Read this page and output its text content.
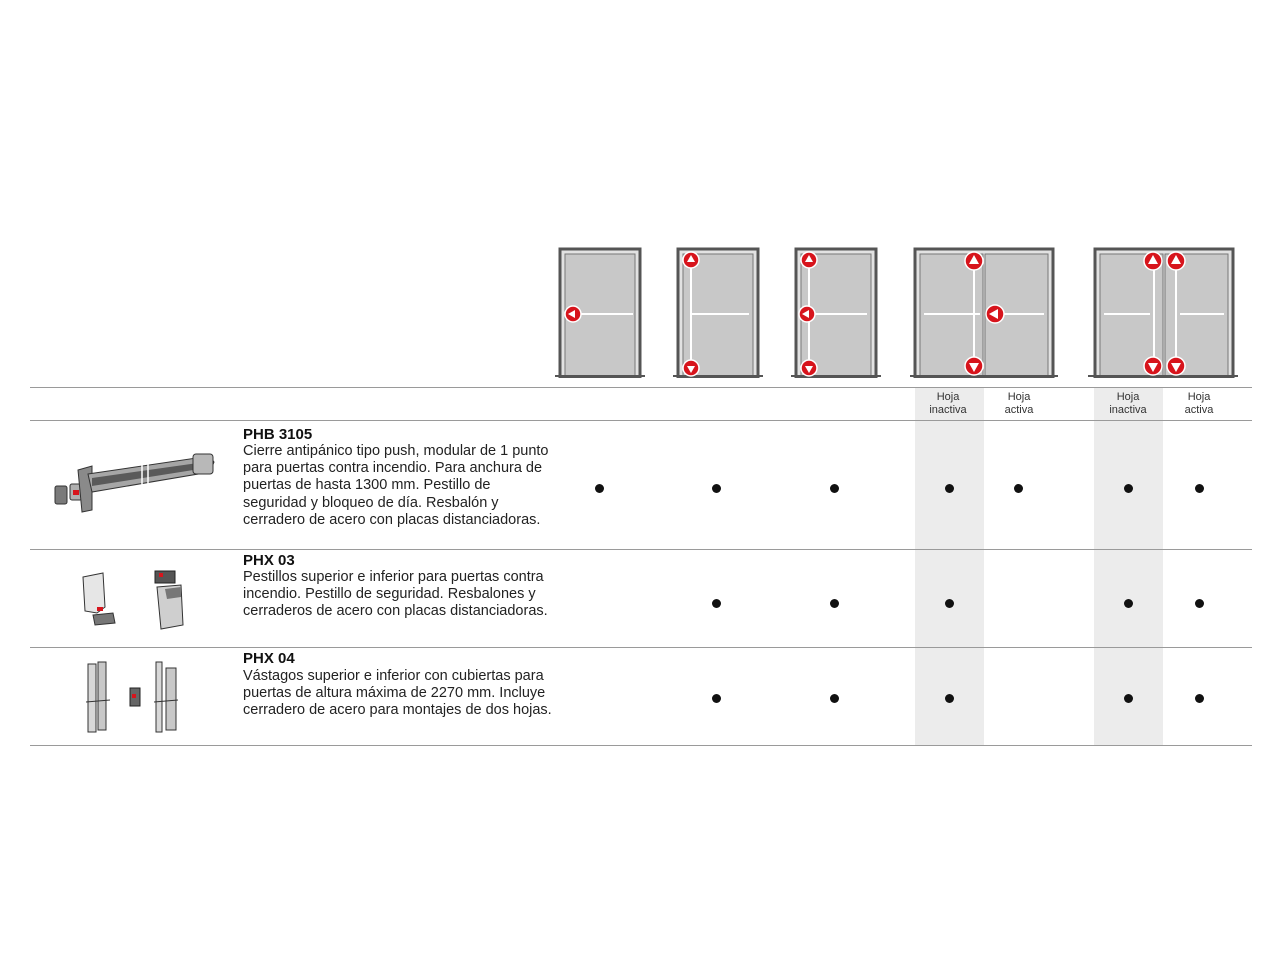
Hoja
inactiva
Hoja
activa
Hoja
inactiva
Hoja
activa
PHB 3105
Cierre antipánico tipo push, modular de 1 punto para puertas contra incendio. Para anchura de puertas de hasta 1300 mm. Pestillo de seguridad y bloqueo de día. Resbalón y cerradero de acero con placas distanciadoras.
PHX 03
Pestillos superior e inferior para puertas contra incendio. Pestillo de seguridad. Resbalones y cerraderos de acero con placas distanciadoras.
PHX 04
Vástagos superior e inferior con cubiertas para puertas de altura máxima de 2270 mm. Incluye cerradero de acero para montajes de dos hojas.
